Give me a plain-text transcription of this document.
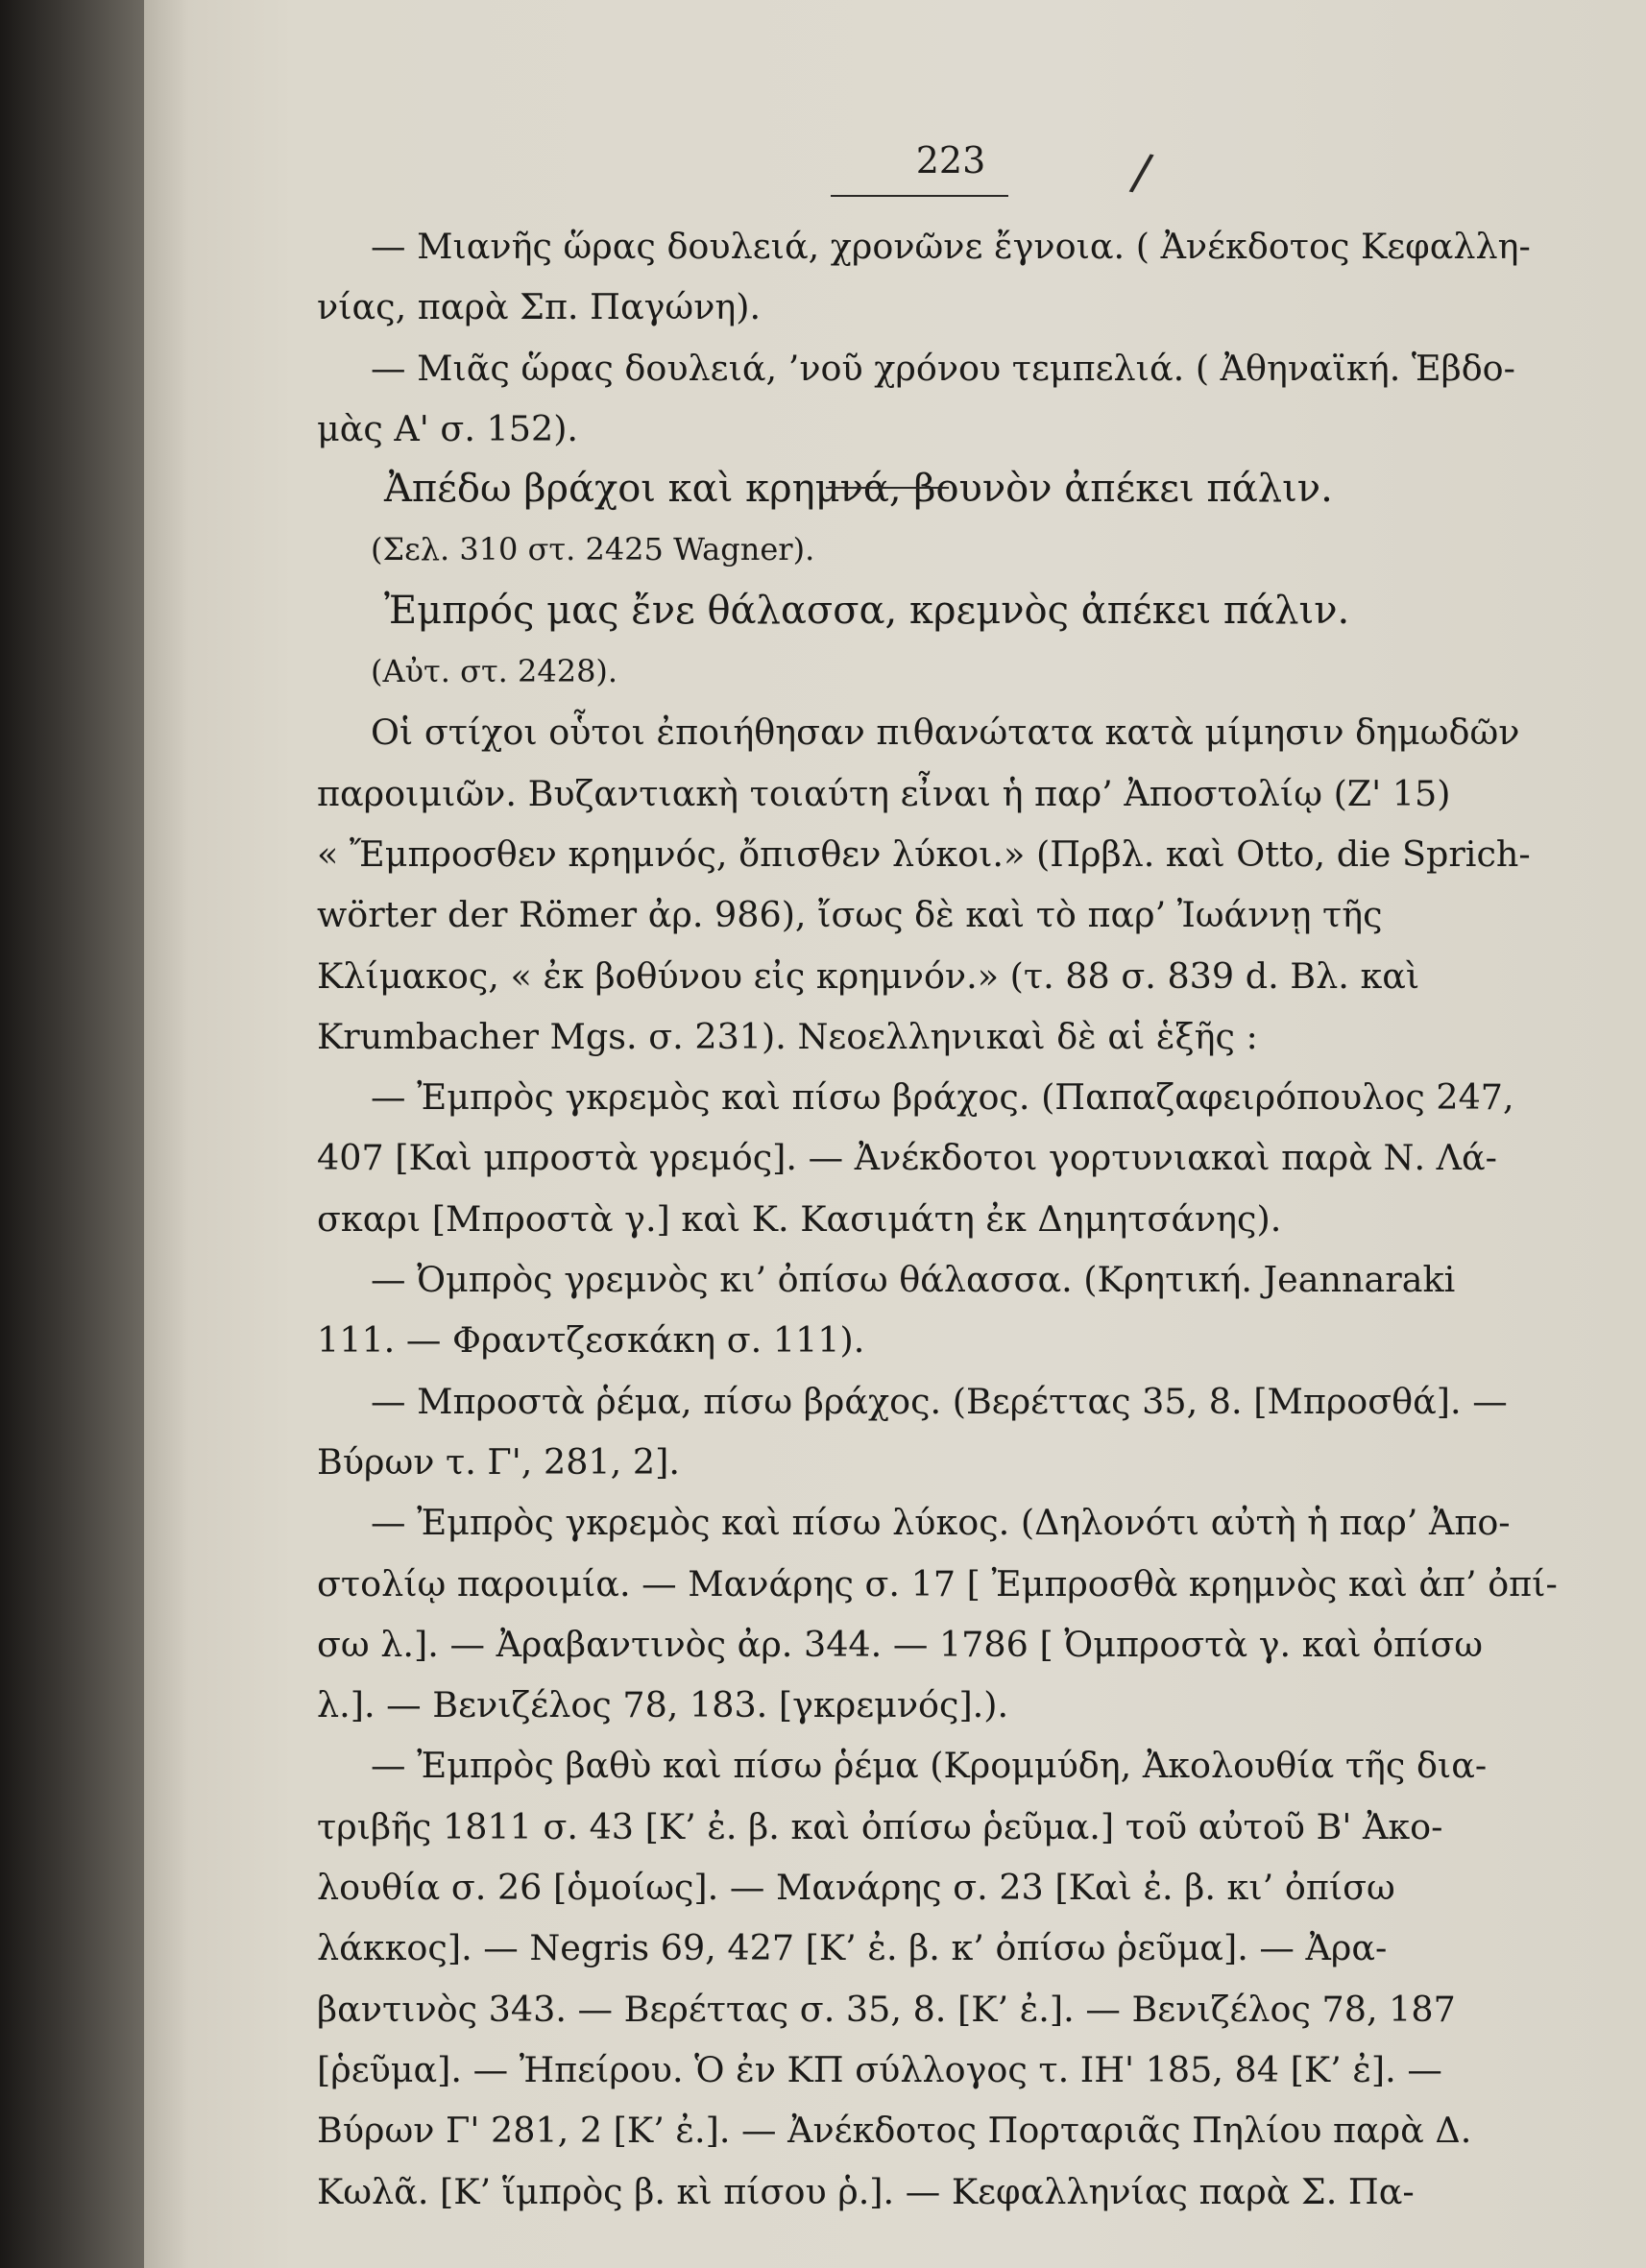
223	/
— Μιανῆς ὥρας δουλειά, χρονῶνε ἔγνοια. ( Ἀνέκδοτος Κεφαλλη-
νίας, παρὰ Σπ. Παγώνη).
— Μιᾶς ὥρας δουλειά, ’νοῦ χρόνου τεμπελιά. ( Ἀθηναϊκή. Ἑβδο-
μὰς Α' σ. 152).
Ἀπέδω βράχοι καὶ κρημνά, βουνὸν ἀπέκει πάλιν.
(Σελ. 310 στ. 2425 Wagner).
Ἐμπρός μας ἔνε θάλασσα, κρεμνὸς ἀπέκει πάλιν.
(Αὐτ. στ. 2428).
Οἱ στίχοι οὗτοι ἐποιήθησαν πιθανώτατα κατὰ μίμησιν δημωδῶν
παροιμιῶν. Βυζαντιακὴ τοιαύτη εἶναι ἡ παρ’ Ἀποστολίῳ (Ζ' 15)
« Ἔμπροσθεν κρημνός, ὄπισθεν λύκοι.» (Πρβλ. καὶ Otto, die Sprich-
wörter der Römer ἀρ. 986), ἴσως δὲ καὶ τὸ παρ’ Ἰωάννῃ τῆς
Κλίμακος, « ἐκ βοθύνου εἰς κρημνόν.» (τ. 88 σ. 839 d. Βλ. καὶ
Krumbacher Mgs. σ. 231). Νεοελληνικαὶ δὲ αἱ ἑξῆς :
— Ἐμπρὸς γκρεμὸς καὶ πίσω βράχος. (Παπαζαφειρόπουλος 247,
407 [Καὶ μπροστὰ γρεμός]. — Ἀνέκδοτοι γορτυνιακαὶ παρὰ Ν. Λά-
σκαρι [Μπροστὰ γ.] καὶ Κ. Κασιμάτη ἐκ Δημητσάνης).
— Ὀμπρὸς γρεμνὸς κι’ ὀπίσω θάλασσα. (Κρητική. Jeannaraki
111. — Φραντζεσκάκη σ. 111).
— Μπροστὰ ῥέμα, πίσω βράχος. (Βερέττας 35, 8. [Μπροσθά]. —
Βύρων τ. Γ', 281, 2].
— Ἐμπρὸς γκρεμὸς καὶ πίσω λύκος. (Δηλονότι αὐτὴ ἡ παρ’ Ἀπο-
στολίῳ παροιμία. — Μανάρης σ. 17 [ Ἐμπροσθὰ κρημνὸς καὶ ἀπ’ ὀπί-
σω λ.]. — Ἀραβαντινὸς ἀρ. 344. — 1786 [ Ὀμπροστὰ γ. καὶ ὀπίσω
λ.]. — Βενιζέλος 78, 183. [γκρεμνός].).
— Ἐμπρὸς βαθὺ καὶ πίσω ῥέμα (Κρομμύδη, Ἀκολουθία τῆς δια-
τριβῆς 1811 σ. 43 [Κ’ ἐ. β. καὶ ὀπίσω ῥεῦμα.] τοῦ αὐτοῦ Β' Ἀκο-
λουθία σ. 26 [ὁμοίως]. — Μανάρης σ. 23 [Καὶ ἐ. β. κι’ ὀπίσω
λάκκος]. — Negris 69, 427 [Κ’ ἐ. β. κ’ ὀπίσω ῥεῦμα]. — Ἀρα-
βαντινὸς 343. — Βερέττας σ. 35, 8. [Κ’ ἐ.]. — Βενιζέλος 78, 187
[ῥεῦμα]. — Ἠπείρου. Ὁ ἐν ΚΠ σύλλογος τ. ΙΗ' 185, 84 [Κ’ ἐ]. —
Βύρων Γ' 281, 2 [Κ’ ἐ.]. — Ἀνέκδοτος Πορταριᾶς Πηλίου παρὰ Δ.
Κωλᾶ. [Κ’ ἵμπρὸς β. κὶ πίσου ῥ.]. — Κεφαλληνίας παρὰ Σ. Πα-
